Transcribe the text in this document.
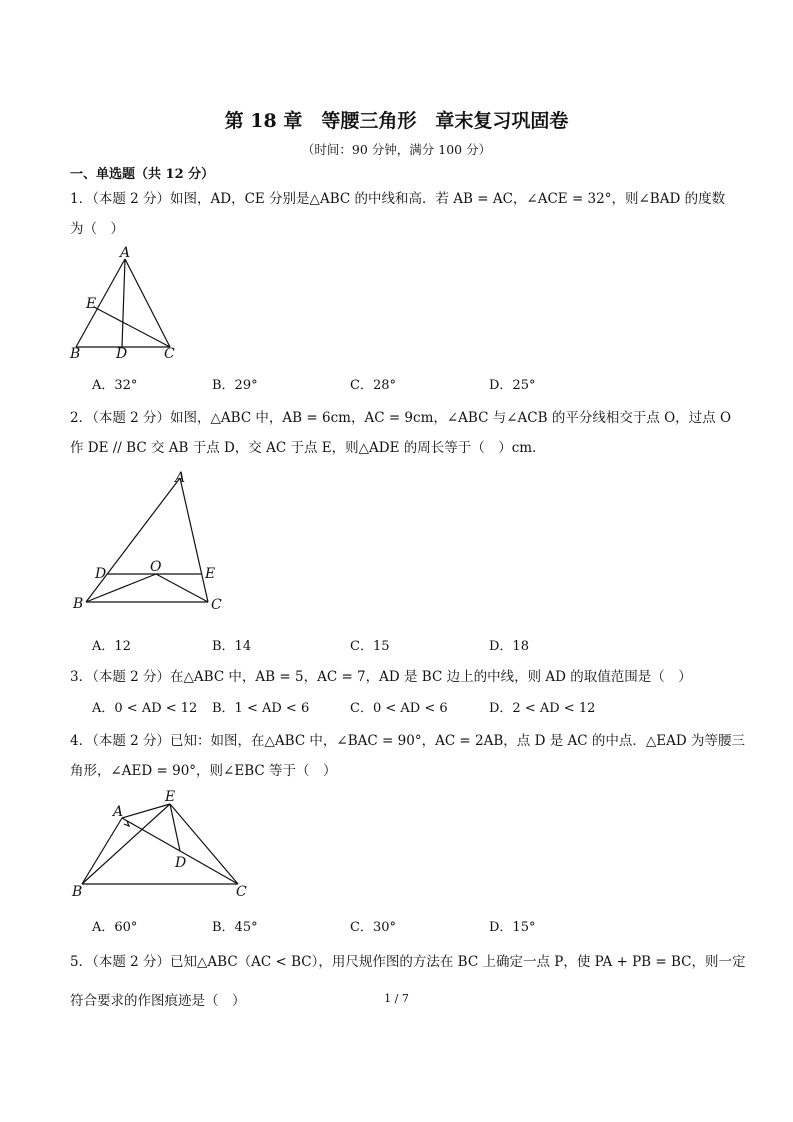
第 18 章　等腰三角形　章末复习巩固卷
（时间：90 分钟，满分 100 分）
一、单选题（共 12 分）
1．（本题 2 分）如图，AD，CE 分别是△ABC 的中线和高．若 AB = AC，∠ACE = 32°，则∠BAD 的度数
为（　）
A
E
B	D	C
A．32°	B．29°	C．28°	D．25°
2．（本题 2 分）如图，△ABC 中，AB = 6cm，AC = 9cm，∠ABC 与∠ACB 的平分线相交于点 O，过点 O
作 DE // BC 交 AB 于点 D，交 AC 于点 E，则△ADE 的周长等于（　）cm．
A
D	O	E
B	C
A．12	B．14	C．15	D．18
3．（本题 2 分）在△ABC 中，AB = 5，AC = 7，AD 是 BC 边上的中线，则 AD 的取值范围是（　）
A．0 < AD < 12 B．1 < AD < 6	C．0 < AD < 6	D．2 < AD < 12
4．（本题 2 分）已知：如图，在△ABC 中，∠BAC = 90°，AC = 2AB，点 D 是 AC 的中点．△EAD 为等腰三
角形，∠AED = 90°，则∠EBC 等于（　）
A
E
D
B	C
A．60°	B．45°	C．30°	D．15°
5．（本题 2 分）已知△ABC（AC < BC），用尺规作图的方法在 BC 上确定一点 P，使 PA + PB = BC，则一定
符合要求的作图痕迹是（　）	1 / 7
